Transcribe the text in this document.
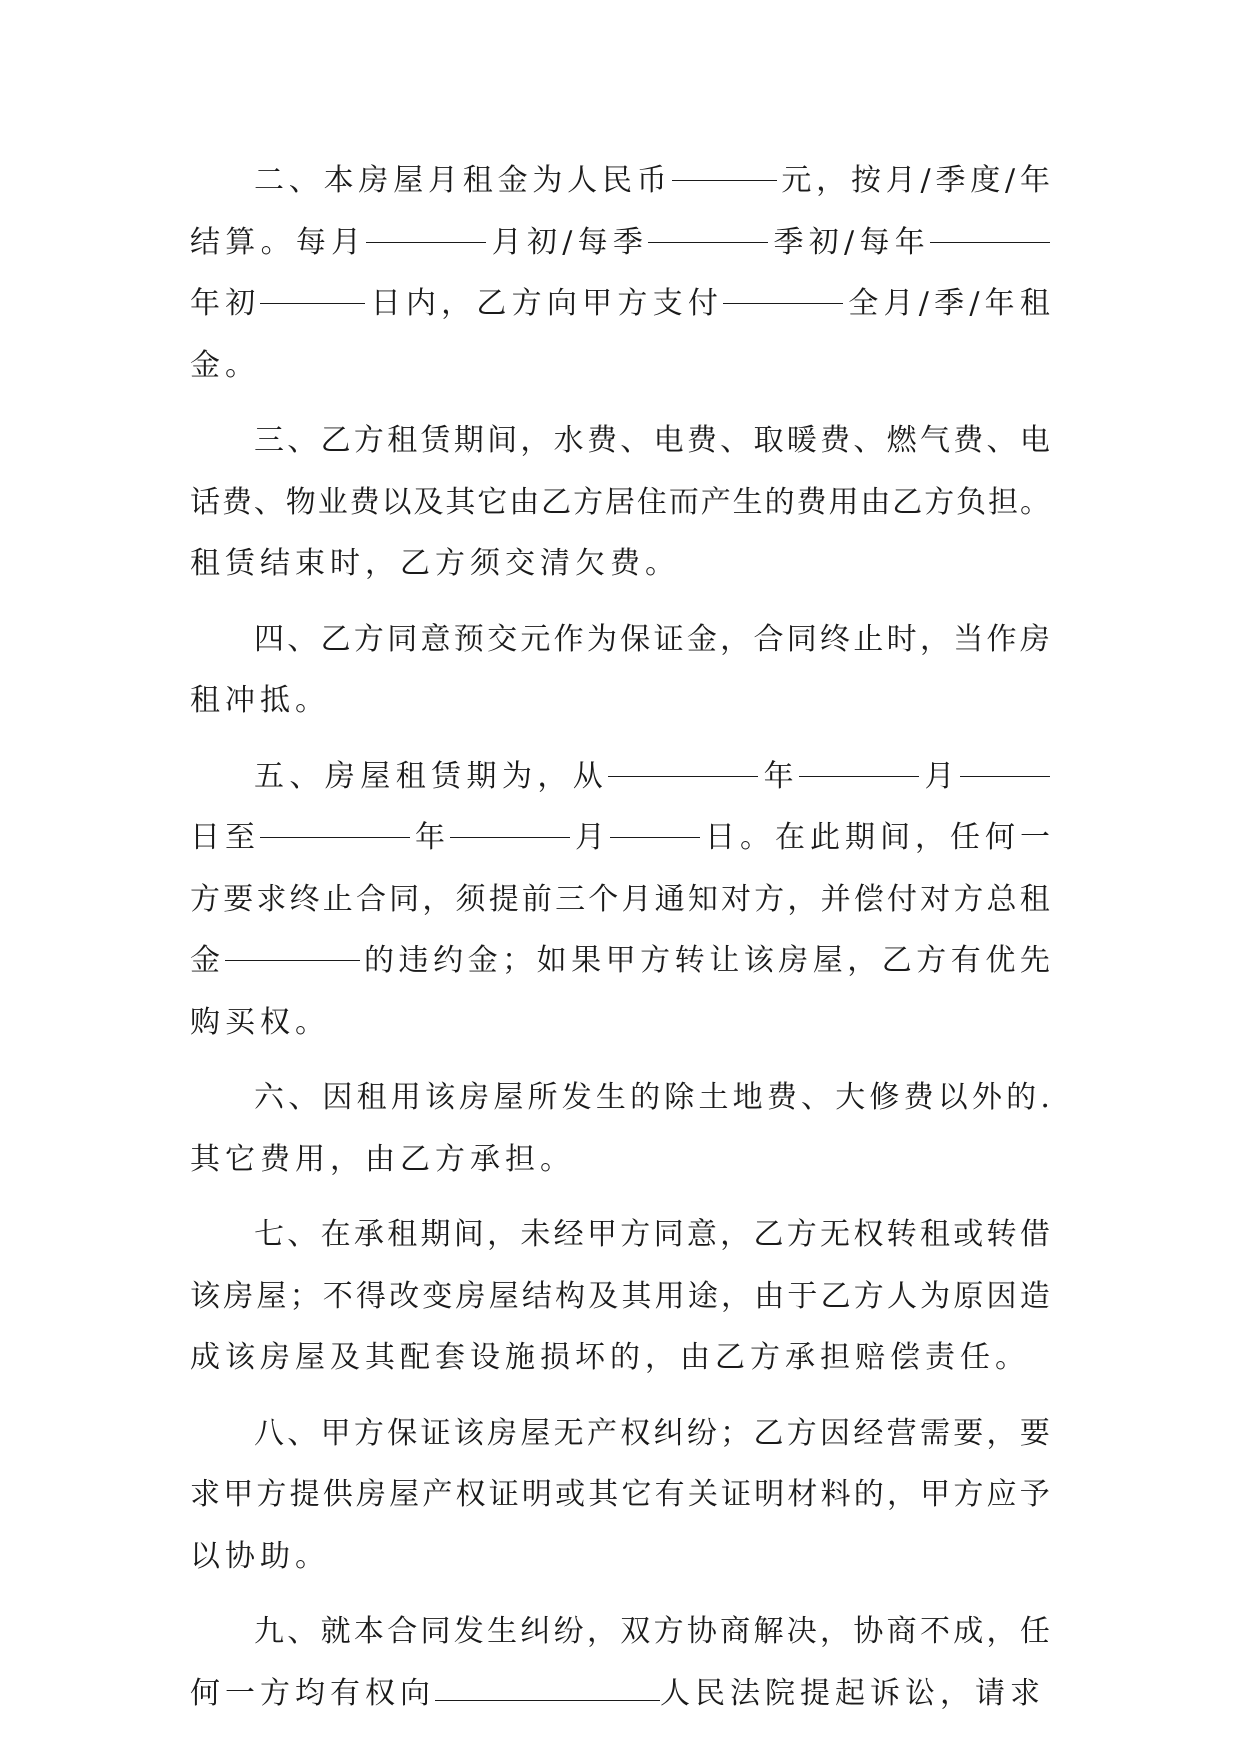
二 、 本 房 屋 月 租 金 为 人 民 币	元 ， 按 月 / 季 度 / 年
结 算 。 每 月	月 初 / 每 季	季 初 / 每 年
年 初	日 内 ， 乙 方 向 甲 方 支 付	全 月 / 季 / 年 租
金。
三 、 乙 方 租 赁 期 间 ， 水 费 、 电 费 、 取 暖 费 、 燃 气 费 、 电
话 费 、 物 业 费 以 及 其 它 由 乙 方 居 住 而 产 生 的 费 用 由 乙 方 负 担 。
租赁结束时，乙方须交清欠费。
四 、 乙 方 同 意 预 交 元 作 为 保 证 金 ， 合 同 终 止 时 ， 当 作 房
租冲抵。
五 、 房 屋 租 赁 期 为 ， 从	年	月
日 至	年	月	日 。 在 此 期 间 ， 任 何 一
方 要 求 终 止 合 同 ， 须 提 前 三 个 月 通 知 对 方 ， 并 偿 付 对 方 总 租
金	的 违 约 金 ； 如 果 甲 方 转 让 该 房 屋 ， 乙 方 有 优 先
购买权。
六 、 因 租 用 该 房 屋 所 发 生 的 除 土 地 费 、 大 修 费 以 外 的 .
其它费用，由乙方承担。
七 、 在 承 租 期 间 ， 未 经 甲 方 同 意 ， 乙 方 无 权 转 租 或 转 借
该 房 屋 ； 不 得 改 变 房 屋 结 构 及 其 用 途 ， 由 于 乙 方 人 为 原 因 造
成该房屋及其配套设施损坏的，由乙方承担赔偿责任。
八 、 甲 方 保 证 该 房 屋 无 产 权 纠 纷 ； 乙 方 因 经 营 需 要 ， 要
求 甲 方 提 供 房 屋 产 权 证 明 或 其 它 有 关 证 明 材 料 的 ， 甲 方 应 予
以协助。
九 、 就 本 合 同 发 生 纠 纷 ， 双 方 协 商 解 决 ， 协 商 不 成 ， 任
何一方均有权向	人民法院提起诉讼，请求
